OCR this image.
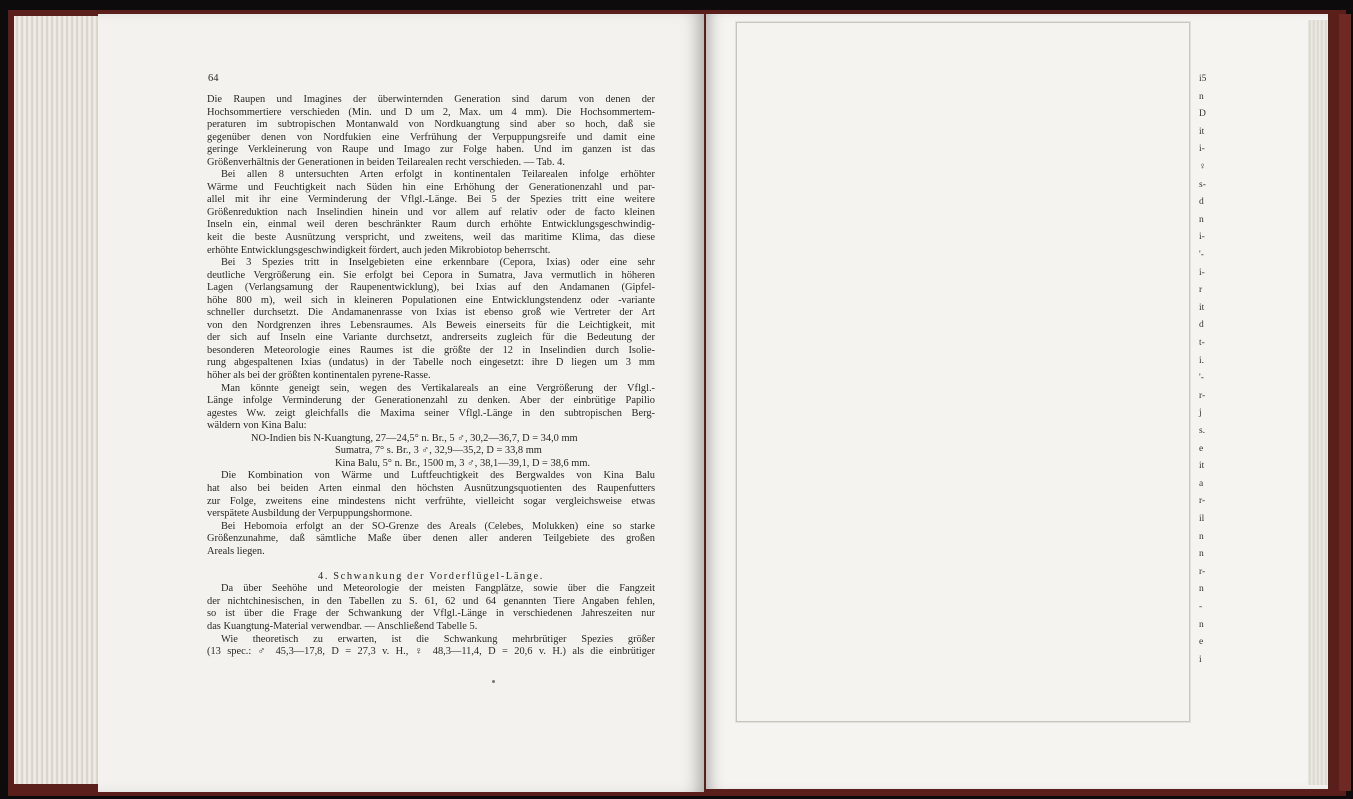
64
Die Raupen und Imagines der überwinternden Generation sind darum von denen der
Hochsommertiere verschieden (Min. und D um 2, Max. um 4 mm). Die Hochsommertem-
peraturen im subtropischen Montanwald von Nordkuangtung sind aber so hoch, daß sie
gegenüber denen von Nordfukien eine Verfrühung der Verpuppungsreife und damit eine
geringe Verkleinerung von Raupe und Imago zur Folge haben. Und im ganzen ist das
Größenverhältnis der Generationen in beiden Teilarealen recht verschieden. — Tab. 4.
Bei allen 8 untersuchten Arten erfolgt in kontinentalen Teilarealen infolge erhöhter
Wärme und Feuchtigkeit nach Süden hin eine Erhöhung der Generationenzahl und par-
allel mit ihr eine Verminderung der Vflgl.-Länge. Bei 5 der Spezies tritt eine weitere
Größenreduktion nach Inselindien hinein und vor allem auf relativ oder de facto kleinen
Inseln ein, einmal weil deren beschränkter Raum durch erhöhte Entwicklungsgeschwindig-
keit die beste Ausnützung verspricht, und zweitens, weil das maritime Klima, das diese
erhöhte Entwicklungsgeschwindigkeit fördert, auch jeden Mikrobiotop beherrscht.
Bei 3 Spezies tritt in Inselgebieten eine erkennbare (Cepora, Ixias) oder eine sehr
deutliche Vergrößerung ein. Sie erfolgt bei Cepora in Sumatra, Java vermutlich in höheren
Lagen (Verlangsamung der Raupenentwicklung), bei Ixias auf den Andamanen (Gipfel-
höhe 800 m), weil sich in kleineren Populationen eine Entwicklungstendenz oder -variante
schneller durchsetzt. Die Andamanenrasse von Ixias ist ebenso groß wie Vertreter der Art
von den Nordgrenzen ihres Lebensraumes. Als Beweis einerseits für die Leichtigkeit, mit
der sich auf Inseln eine Variante durchsetzt, andrerseits zugleich für die Bedeutung der
besonderen Meteorologie eines Raumes ist die größte der 12 in Inselindien durch Isolie-
rung abgespaltenen Ixias (undatus) in der Tabelle noch eingesetzt: ihre D liegen um 3 mm
höher als bei der größten kontinentalen pyrene-Rasse.
Man könnte geneigt sein, wegen des Vertikalareals an eine Vergrößerung der Vflgl.-
Länge infolge Verminderung der Generationenzahl zu denken. Aber der einbrütige Papilio
agestes Ww. zeigt gleichfalls die Maxima seiner Vflgl.-Länge in den subtropischen Berg-
wäldern von Kina Balu:
NO-Indien bis N-Kuangtung, 27—24,5° n. Br., 5 ♂, 30,2—36,7, D = 34,0 mm
Sumatra, 7° s. Br., 3 ♂, 32,9—35,2, D = 33,8 mm
Kina Balu, 5° n. Br., 1500 m, 3 ♂, 38,1—39,1, D = 38,6 mm.
Die Kombination von Wärme und Luftfeuchtigkeit des Bergwaldes von Kina Balu
hat also bei beiden Arten einmal den höchsten Ausnützungsquotienten des Raupenfutters
zur Folge, zweitens eine mindestens nicht verfrühte, vielleicht sogar vergleichsweise etwas
verspätete Ausbildung der Verpuppungshormone.
Bei Hebomoia erfolgt an der SO-Grenze des Areals (Celebes, Molukken) eine so starke
Größenzunahme, daß sämtliche Maße über denen aller anderen Teilgebiete des großen
Areals liegen.
4. Schwankung der Vorderflügel-Länge.
Da über Seehöhe und Meteorologie der meisten Fangplätze, sowie über die Fangzeit
der nichtchinesischen, in den Tabellen zu S. 61, 62 und 64 genannten Tiere Angaben fehlen,
so ist über die Frage der Schwankung der Vflgl.-Länge in verschiedenen Jahreszeiten nur
das Kuangtung-Material verwendbar. — Anschließend Tabelle 5.
Wie theoretisch zu erwarten, ist die Schwankung mehrbrütiger Spezies größer
(13 spec.: ♂ 45,3—17,8, D = 27,3 v. H., ♀ 48,3—11,4, D = 20,6 v. H.) als die einbrütiger
i5
n
D
it
i-
♀
s-
d
n
i-
'-
i-
r
it
d
t-
i.
'-
r-
j
s.
e
it
a
r-
il
n
n
r-
n
-
n
e
i
